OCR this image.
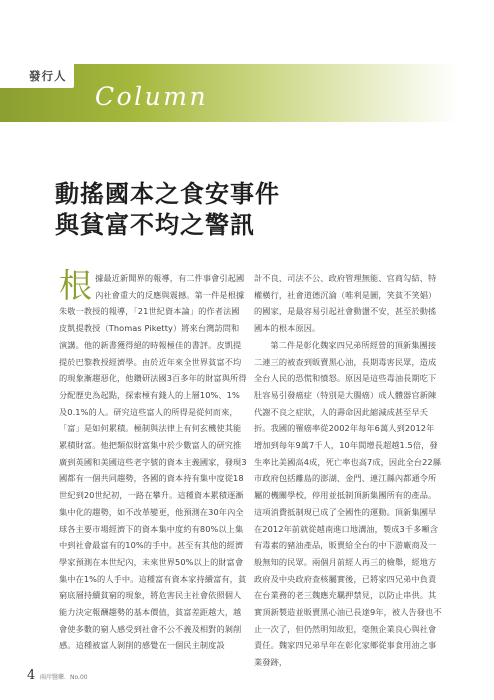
發行人
Column
動搖國本之食安事件
與貧富不均之警訊

根據最近新聞界的報導，有二件事會引起國內社會重大的反應與震撼。第一件是根據朱敬一教授的報導，「21世紀資本論」的作者法國皮凱提教授（Thomas Piketty）將來台灣訪問和演講。他的新書獲得絕的時報極佳的書評。皮凱提提於巴黎教授經濟學。由於近年來全世界貧富不均的現象漸趨惡化，他鑽研法國3百多年的財富與所得分配歷史為起點，探索極有錢人的上層10%、1%及0.1%的人。研究這些富人的所得是從何而來，「富」是如何累積。極制與法律上有何玄機使其能累積財富。他把類似財富集中於少數富人的研究推廣到英國和美國這些老字號的資本主義國家，發現3國都有一個共同趨勢，各國的資本持有集中度從18世紀到20世紀初，一路在攀升。這種資本累積逐漸集中化的趨勢，如不改革變更，他預測在30年內全球各主要市場經濟下的資本集中度約有80%以上集中到社會最富有的10%的手中。甚至有其他的經濟學家預測在本世紀內，未來世界50%以上的財富會集中在1%的人手中。這種富有資本家持續富有，貧窮底層持續貧窮的現象，將危害民主社會依照個人能力決定報酬趨勢的基本價值，貧富差距越大，越會使多數的窮人感受到社會不公不義及相對的剝削感。這種被富人剝削的感覺在一個民主制度設

計不良、司法不公、政府管理無能、官商勾結、特權橫行，社會道德沉淪（唯利是圖，笑貧不笑娼）的國家，是最容易引起社會動盪不安，甚至於動搖國本的根本原因。

第二件是彰化魏家四兄弟所經營的頂新集團接二連三的被查到販賣黑心油，長期毒害民眾，造成全台人民的恐慌和憤怒。原因是這些毒油長期吃下肚容易引發癌症（特別是大腸癌）成人體器官新陳代謝不良之症狀，人的壽命因此縮減成甚至早夭折。我國的罹癌率從2002年每年6萬人到2012年增加到每年9萬7千人，10年間增長超越1.5倍，發生率比美國高4成，死亡率也高7成，因此全台22縣市政府包括離島的澎湖、金門、連江縣內都通令所屬的機關學校，停用並抵制頂新集團所有的產品。這項消費抵制現已成了全國性的運動。頂新集團早在2012年前就從越南進口地溝油，製成3千多噸含有毒素的豬油產品，販賣給全台的中下游廠商及一般無知的民眾。兩個月前經人再三的檢舉，經地方政府及中央政府查核屬實後，已將家四兄弟中負責在台業務的老三魏應充羈押禁見，以防止串供。其實頂新製造並販賣黑心油已長達9年，被人告發也不止一次了，但仍然明知故犯，毫無企業良心與社會責任。魏家四兄弟早年在彰化家鄉從事食用油之事業發跡，

4 兩岸醫藥．No.00
